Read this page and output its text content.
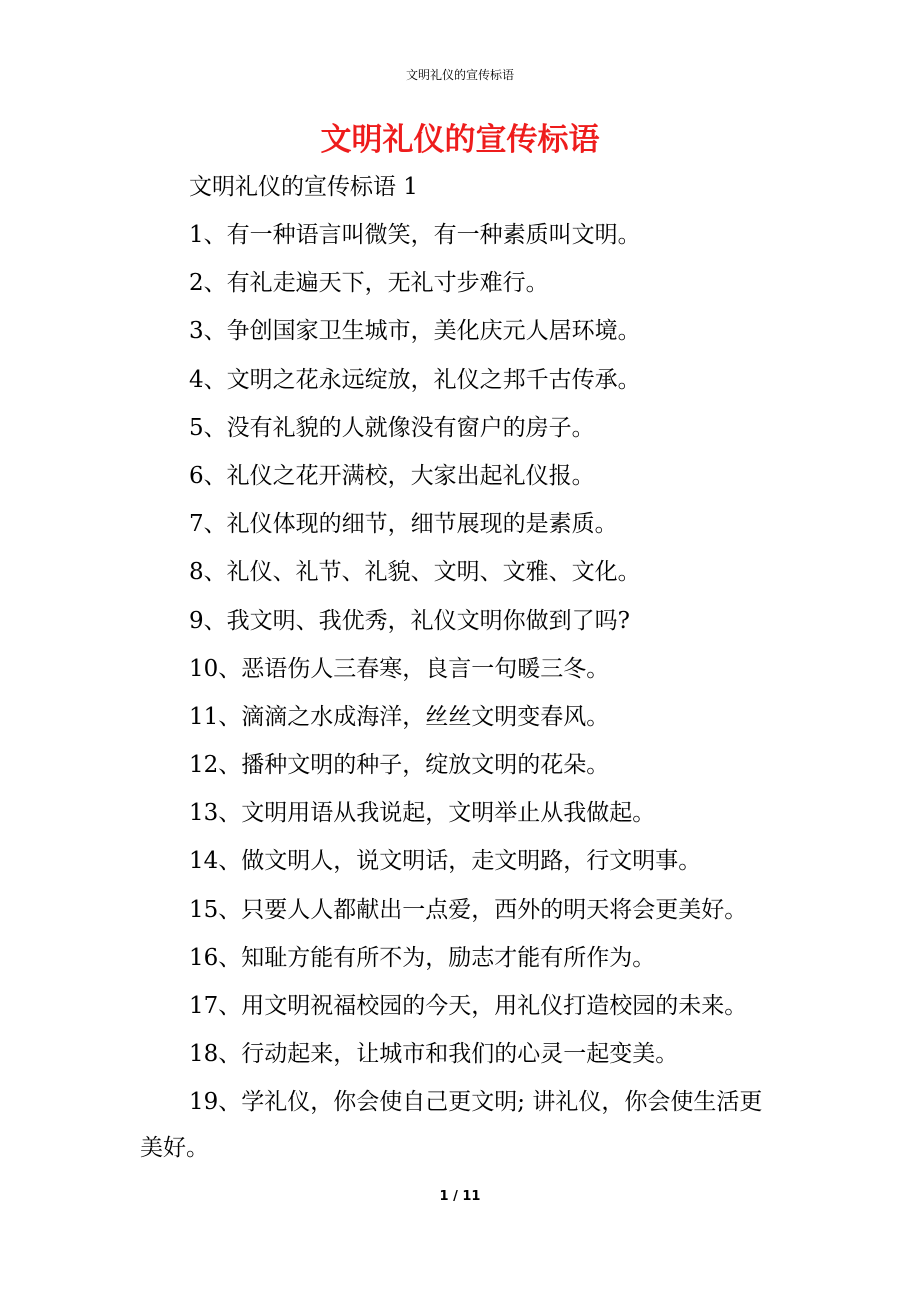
文明礼仪的宣传标语
文明礼仪的宣传标语
文明礼仪的宣传标语 1
1、有一种语言叫微笑，有一种素质叫文明。
2、有礼走遍天下，无礼寸步难行。
3、争创国家卫生城市，美化庆元人居环境。
4、文明之花永远绽放，礼仪之邦千古传承。
5、没有礼貌的人就像没有窗户的房子。
6、礼仪之花开满校，大家出起礼仪报。
7、礼仪体现的细节，细节展现的是素质。
8、礼仪、礼节、礼貌、文明、文雅、文化。
9、我文明、我优秀，礼仪文明你做到了吗?
10、恶语伤人三春寒，良言一句暖三冬。
11、滴滴之水成海洋，丝丝文明变春风。
12、播种文明的种子，绽放文明的花朵。
13、文明用语从我说起，文明举止从我做起。
14、做文明人，说文明话，走文明路，行文明事。
15、只要人人都献出一点爱，西外的明天将会更美好。
16、知耻方能有所不为，励志才能有所作为。
17、用文明祝福校园的今天，用礼仪打造校园的未来。
18、行动起来，让城市和我们的心灵一起变美。
19、学礼仪，你会使自己更文明; 讲礼仪，你会使生活更美好。
1 / 11
